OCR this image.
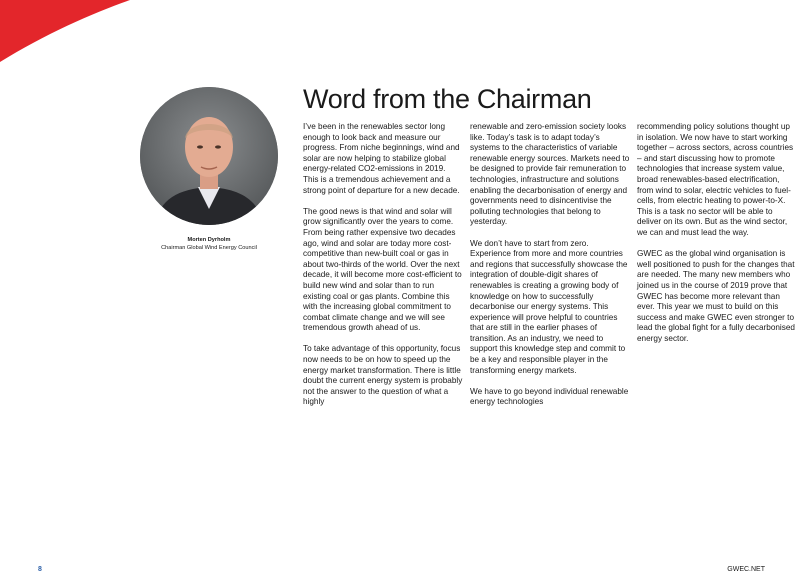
Morten Dyrholm
Chairman Global Wind Energy Council
Word from the Chairman

I’ve been in the renewables sector long enough to look back and measure our progress. From niche beginnings, wind and solar are now helping to stabilize global energy-related CO2-emissions in 2019. This is a tremendous achievement and a strong point of departure for a new decade.

The good news is that wind and solar will grow significantly over the years to come. From being rather expensive two decades ago, wind and solar are today more cost-competitive than new-built coal or gas in about two-thirds of the world. Over the next decade, it will become more cost-efficient to build new wind and solar than to run existing coal or gas plants. Combine this with the increasing global commitment to combat climate change and we will see tremendous growth ahead of us.

To take advantage of this opportunity, focus now needs to be on how to speed up the energy market transformation. There is little doubt the current energy system is probably not the answer to the question of what a highly

renewable and zero-emission society looks like. Today’s task is to adapt today’s systems to the characteristics of variable renewable energy sources. Markets need to be designed to provide fair remuneration to technologies, infrastructure and solutions enabling the decarbonisation of energy and governments need to disincentivise the polluting technologies that belong to yesterday.

We don’t have to start from zero. Experience from more and more countries and regions that successfully showcase the integration of double-digit shares of renewables is creating a growing body of knowledge on how to successfully decarbonise our energy systems. This experience will prove helpful to countries that are still in the earlier phases of transition. As an industry, we need to support this knowledge step and commit to be a key and responsible player in the transforming energy markets.

We have to go beyond individual renewable energy technologies

recommending policy solutions thought up in isolation. We now have to start working together – across sectors, across countries – and start discussing how to promote technologies that increase system value, broad renewables-based electrification, from wind to solar, electric vehicles to fuel-cells, from electric heating to power-to-X. This is a task no sector will be able to deliver on its own. But as the wind sector, we can and must lead the way.

GWEC as the global wind organisation is well positioned to push for the changes that are needed. The many new members who joined us in the course of 2019 prove that GWEC has become more relevant than ever. This year we must to build on this success and make GWEC even stronger to lead the global fight for a fully decarbonised energy sector.

8	GWEC.NET
